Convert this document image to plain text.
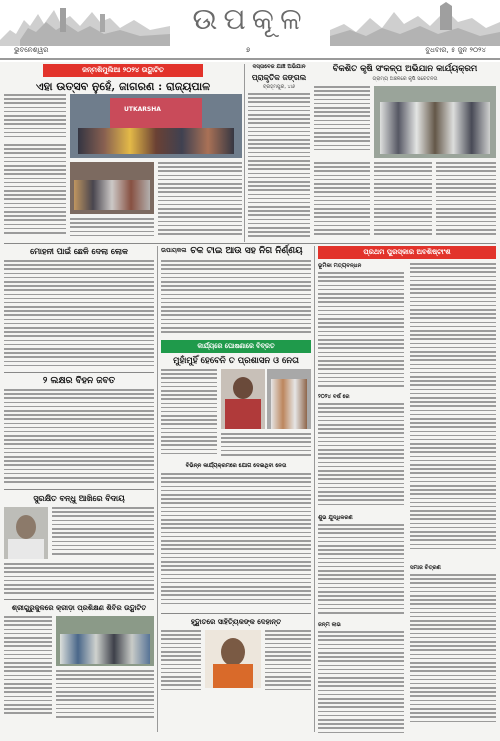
ଉପକୂଳ
ଭୁବନେଶ୍ୱର	୭	ବୁଧବାର, ୫ ଜୁନ ୨୦୨୪
ଜନ୍ମଶିମୁଲିଆ ୨୦୨୪ ଉଦ୍ଘାଟିତ
ଏହା ଉତ୍ସବ ନୁହେଁ, ଜାଗରଣ : ରାଜ୍ୟପାଳ
UTKARSHA
ଦସ୍ତାବେଜ ଯାଞ୍ଚ ଅଭିଯାନ
ପ୍ରାକୃତିକ ଜଙ୍ଗଲ
ବ୍ରହ୍ମପୁର, ୪ା୬
ବିକଶିତ କୃଷି ସଂକଳ୍ପ ଅଭିଯାନ କାର୍ଯ୍ୟକ୍ରମ
ଗ୍ରାମ୍ୟ ଅଞ୍ଚଳରେ କୃଷି ସଚେତନତା
ମୋହନୀ ପାଇଁ ଛେଳି ଦେଲା ଲୋକ
୨ ଲକ୍ଷର ବିହନ ଜବତ
ସୁରକ୍ଷିତ ବନ୍ଧୁ ଆଖିରେ ବିଦାୟ
ଶ୍ରୀଗୁରୁକୁଳରେ କ୍ରୀଡ଼ା ପ୍ରଶିକ୍ଷଣ ଶିବିର ଉଦ୍ଘାଟିତ
ଉପାୟକଳା ଚକ ଟାଇ ଆଉ ସହ ନିଗ ନିର୍ଣ୍ଣୟ
କାର୍ଯ୍ୟରେ ଘୋଷଣାରେ ବିବ୍ରତ
ମୁହାଁମୁହିଁ ହେବେନି ତ ପ୍ରଶାସନ ଓ ନେତା
ବିଭିନ୍ନ କାର୍ଯ୍ୟକ୍ରମରେ ଯୋଗ ଦେଇଥିବା ନେତା
ହୃଦ୍ଘାତରେ ସାହିତ୍ୟିକଙ୍କ ଦେହାନ୍ତ
ପ୍ରଥମ ପୁରସ୍କାର ଅବଶିଷ୍ଟାଂଶ
ଭୂମିକା ମତ୍ୟବନ୍ଧନ
୨୦୨୪ ବର୍ଷ ରେ
ଶୁଭ ଯୁଦ୍ଧିକରଣ
ଜନ୍ମ ଲାଭ
ସମାଜ ଚିତ୍ରଣ
